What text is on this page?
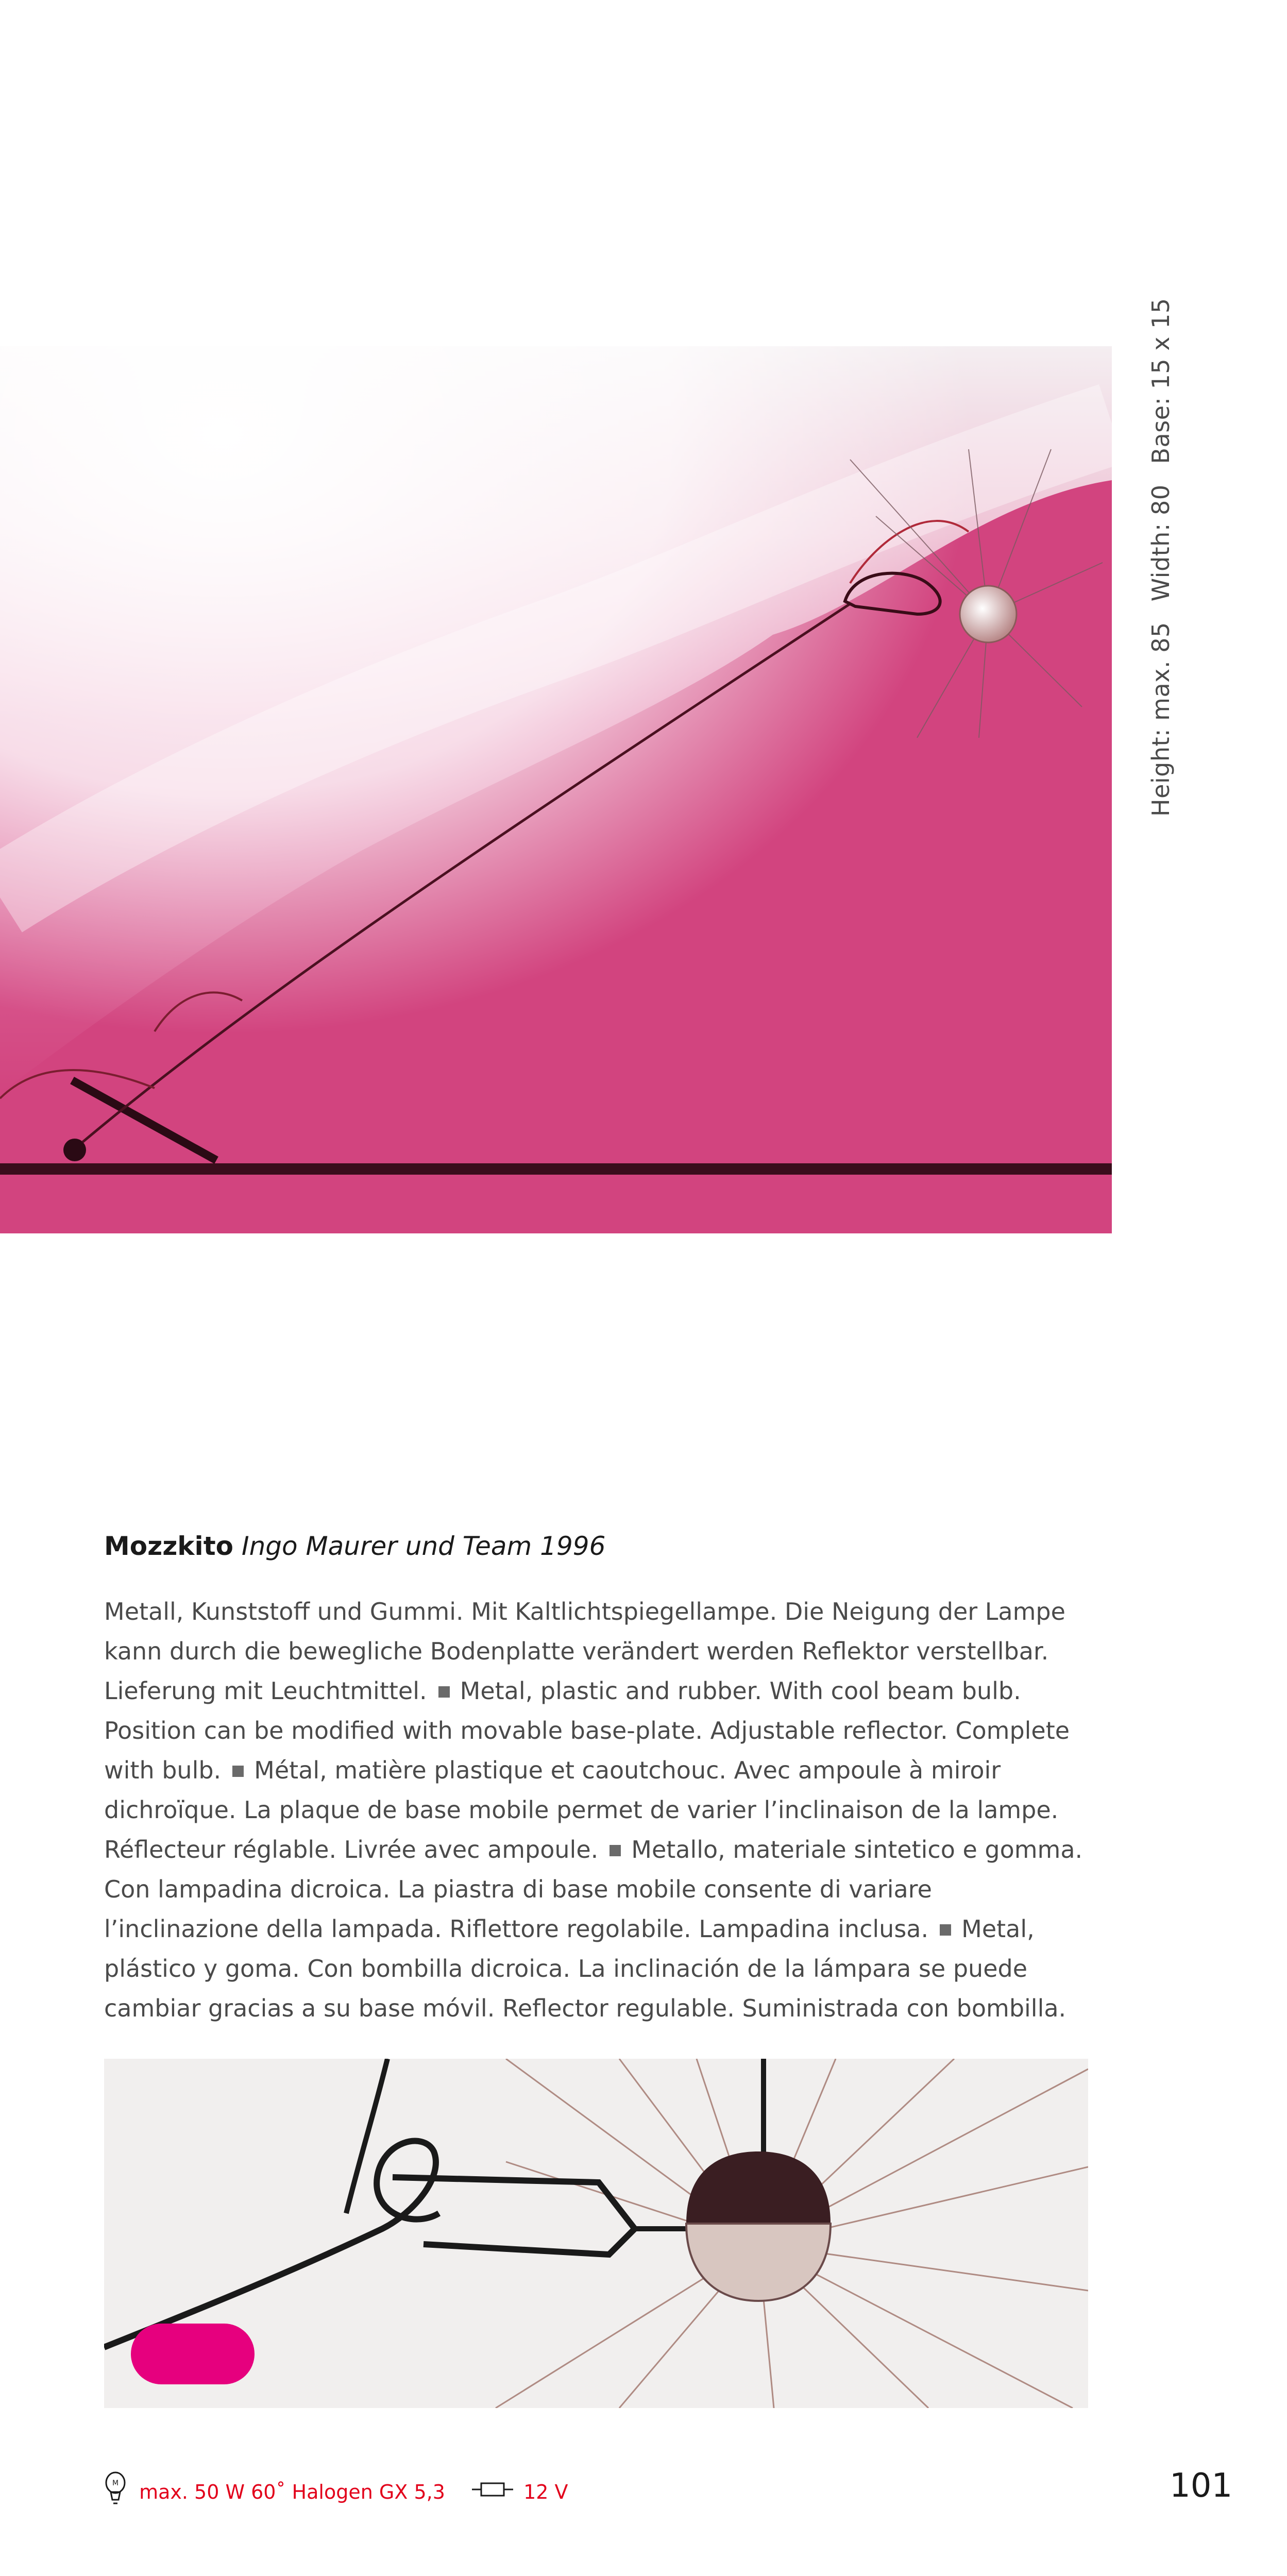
Height: max. 85Width: 80Base: 15 x 15
Mozzkito Ingo Maurer und Team 1996
Metall, Kunststoff und Gummi. Mit Kaltlichtspiegellampe. Die Neigung der Lampe kann durch die bewegliche Bodenplatte verändert werden Reflektor verstellbar. Lieferung mit Leuchtmittel. Metal, plastic and rubber. With cool beam bulb. Position can be modified with movable base-plate. Adjustable reflector. Complete with bulb. Métal, matière plastique et caoutchouc. Avec ampoule à miroir dichroïque. La plaque de base mobile permet de varier l’inclinaison de la lampe. Réflecteur réglable. Livrée avec ampoule. Metallo, materiale sintetico e gomma. Con lampadina dicroica. La piastra di base mobile consente di variare l’inclinazione della lampada. Riflettore regolabile. Lampadina inclusa. Metal, plástico y goma. Con bombilla dicroica. La inclinación de la lámpara se puede cambiar gracias a su base móvil. Reflector regulable. Suministrada con bombilla.
M max. 50 W 60˚ Halogen GX 5,3	12 V	101
